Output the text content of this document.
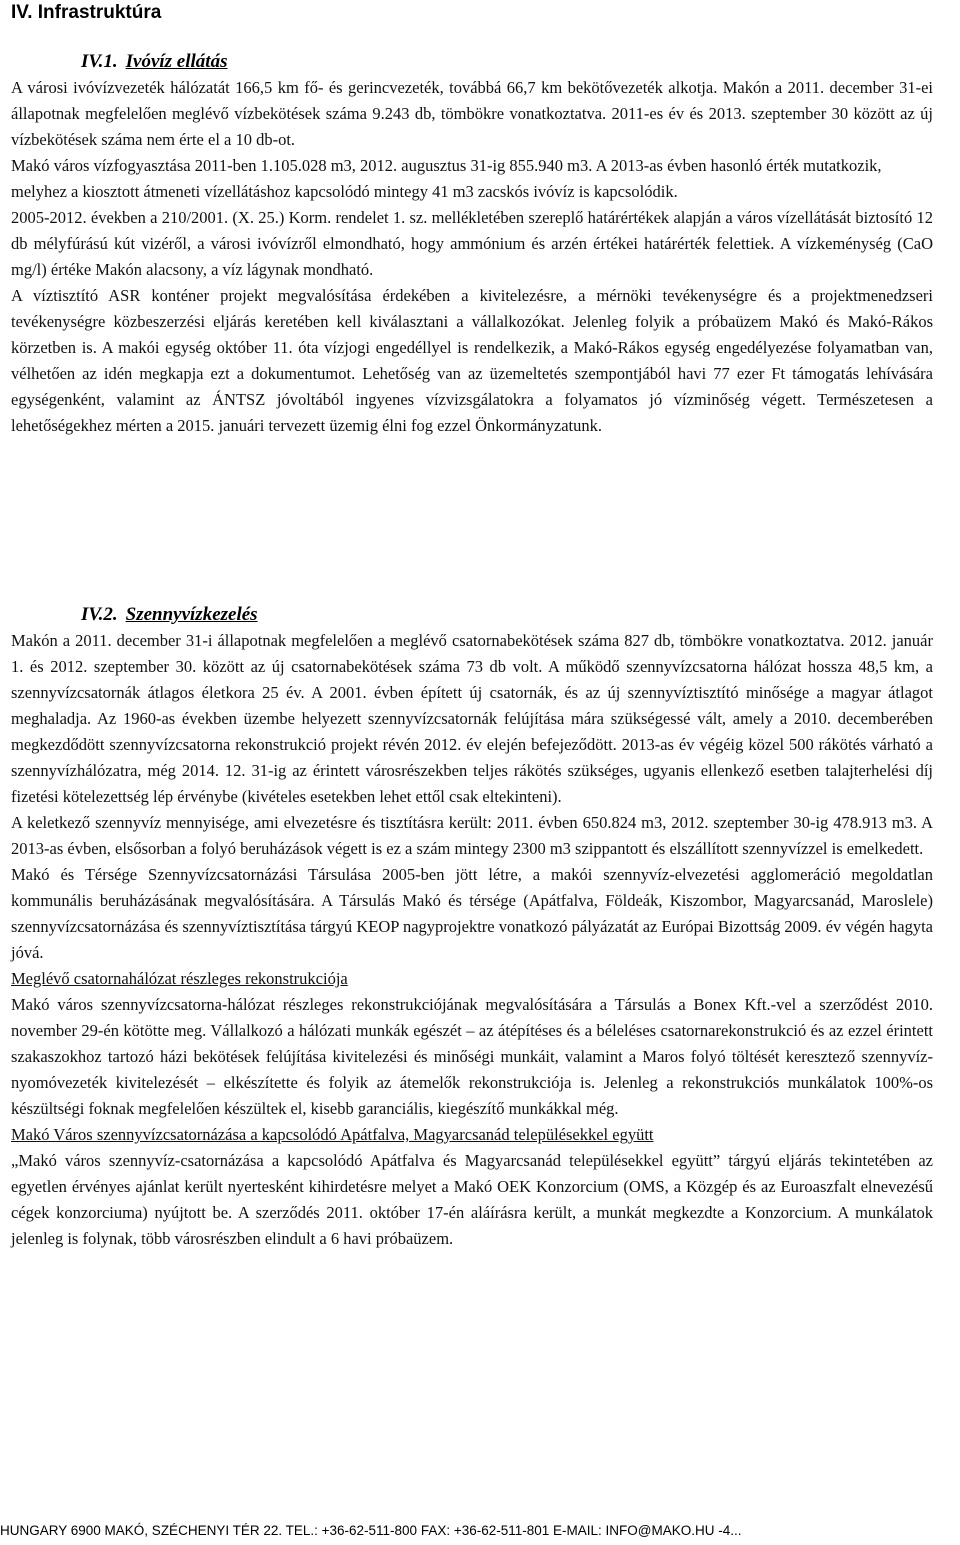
IV. Infrastruktúra
IV.1. Ivóvíz ellátás
A városi ivóvízvezeték hálózatát 166,5 km fő- és gerincvezeték, továbbá 66,7 km bekötővezeték alkotja. Makón a 2011. december 31-ei állapotnak megfelelően meglévő vízbekötések száma 9.243 db, tömbökre vonatkoztatva. 2011-es év és 2013. szeptember 30 között az új vízbekötések száma nem érte el a 10 db-ot.
Makó város vízfogyasztása 2011-ben 1.105.028 m3, 2012. augusztus 31-ig 855.940 m3. A 2013-as évben hasonló érték mutatkozik, melyhez a kiosztott átmeneti vízellátáshoz kapcsolódó mintegy 41 m3 zacskós ivóvíz is kapcsolódik.
2005-2012. években a 210/2001. (X. 25.) Korm. rendelet 1. sz. mellékletében szereplő határértékek alapján a város vízellátását biztosító 12 db mélyfúrású kút vizéről, a városi ivóvízről elmondható, hogy ammónium és arzén értékei határérték felettiek. A vízkeménység (CaO mg/l) értéke Makón alacsony, a víz lágynak mondható.
A víztisztító ASR konténer projekt megvalósítása érdekében a kivitelezésre, a mérnöki tevékenységre és a projektmenedzseri tevékenységre közbeszerzési eljárás keretében kell kiválasztani a vállalkozókat. Jelenleg folyik a próbaüzem Makó és Makó-Rákos körzetben is. A makói egység október 11. óta vízjogi engedéllyel is rendelkezik, a Makó-Rákos egység engedélyezése folyamatban van, vélhetően az idén megkapja ezt a dokumentumot. Lehetőség van az üzemeltetés szempontjából havi 77 ezer Ft támogatás lehívására egységenként, valamint az ÁNTSZ jóvoltából ingyenes vízvizsgálatokra a folyamatos jó vízminőség végett. Természetesen a lehetőségekhez mérten a 2015. januári tervezett üzemig élni fog ezzel Önkormányzatunk.
IV.2. Szennyvízkezelés
Makón a 2011. december 31-i állapotnak megfelelően a meglévő csatornabekötések száma 827 db, tömbökre vonatkoztatva. 2012. január 1. és 2012. szeptember 30. között az új csatornabekötések száma 73 db volt. A működő szennyvízcsatorna hálózat hossza 48,5 km, a szennyvízcsatornák átlagos életkora 25 év. A 2001. évben épített új csatornák, és az új szennyvíztisztító minősége a magyar átlagot meghaladja. Az 1960-as években üzembe helyezett szennyvízcsatornák felújítása mára szükségessé vált, amely a 2010. decemberében megkezdődött szennyvízcsatorna rekonstrukció projekt révén 2012. év elején befejeződött. 2013-as év végéig közel 500 rákötés várható a szennyvízhálózatra, még 2014. 12. 31-ig az érintett városrészekben teljes rákötés szükséges, ugyanis ellenkező esetben talajterhelési díj fizetési kötelezettség lép érvénybe (kivételes esetekben lehet ettől csak eltekinteni).
A keletkező szennyvíz mennyisége, ami elvezetésre és tisztításra került: 2011. évben 650.824 m3, 2012. szeptember 30-ig 478.913 m3. A 2013-as évben, elsősorban a folyó beruházások végett is ez a szám mintegy 2300 m3 szippantott és elszállított szennyvízzel is emelkedett.
Makó és Térsége Szennyvízcsatornázási Társulása 2005-ben jött létre, a makói szennyvíz-elvezetési agglomeráció megoldatlan kommunális beruházásának megvalósítására. A Társulás Makó és térsége (Apátfalva, Földeák, Kiszombor, Magyarcsanád, Maroslele) szennyvízcsatornázása és szennyvíztisztítása tárgyú KEOP nagyprojektre vonatkozó pályázatát az Európai Bizottság 2009. év végén hagyta jóvá.
Meglévő csatornahálózat részleges rekonstrukciója
Makó város szennyvízcsatorna-hálózat részleges rekonstrukciójának megvalósítására a Társulás a Bonex Kft.-vel a szerződést 2010. november 29-én kötötte meg. Vállalkozó a hálózati munkák egészét – az átépítéses és a béleléses csatornarekonstrukció és az ezzel érintett szakaszokhoz tartozó házi bekötések felújítása kivitelezési és minőségi munkáit, valamint a Maros folyó töltését keresztező szennyvíz-nyomóvezeték kivitelezését – elkészítette és folyik az átemelők rekonstrukciója is. Jelenleg a rekonstrukciós munkálatok 100%-os készültségi foknak megfelelően készültek el, kisebb garanciális, kiegészítő munkákkal még.
Makó Város szennyvízcsatornázása a kapcsolódó Apátfalva, Magyarcsanád településekkel együtt
„Makó város szennyvíz-csatornázása a kapcsolódó Apátfalva és Magyarcsanád településekkel együtt” tárgyú eljárás tekintetében az egyetlen érvényes ajánlat került nyertesként kihirdetésre melyet a Makó OEK Konzorcium (OMS, a Közgép és az Euroaszfalt elnevezésű cégek konzorciuma) nyújtott be. A szerződés 2011. október 17-én aláírásra került, a munkát megkezdte a Konzorcium. A munkálatok jelenleg is folynak, több városrészben elindult a 6 havi próbaüzem.
HUNGARY 6900 MAKÓ, SZÉCHENYI TÉR 22. TEL.: +36-62-511-800 FAX: +36-62-511-801 E-MAIL: INFO@MAKO.HU -4...
